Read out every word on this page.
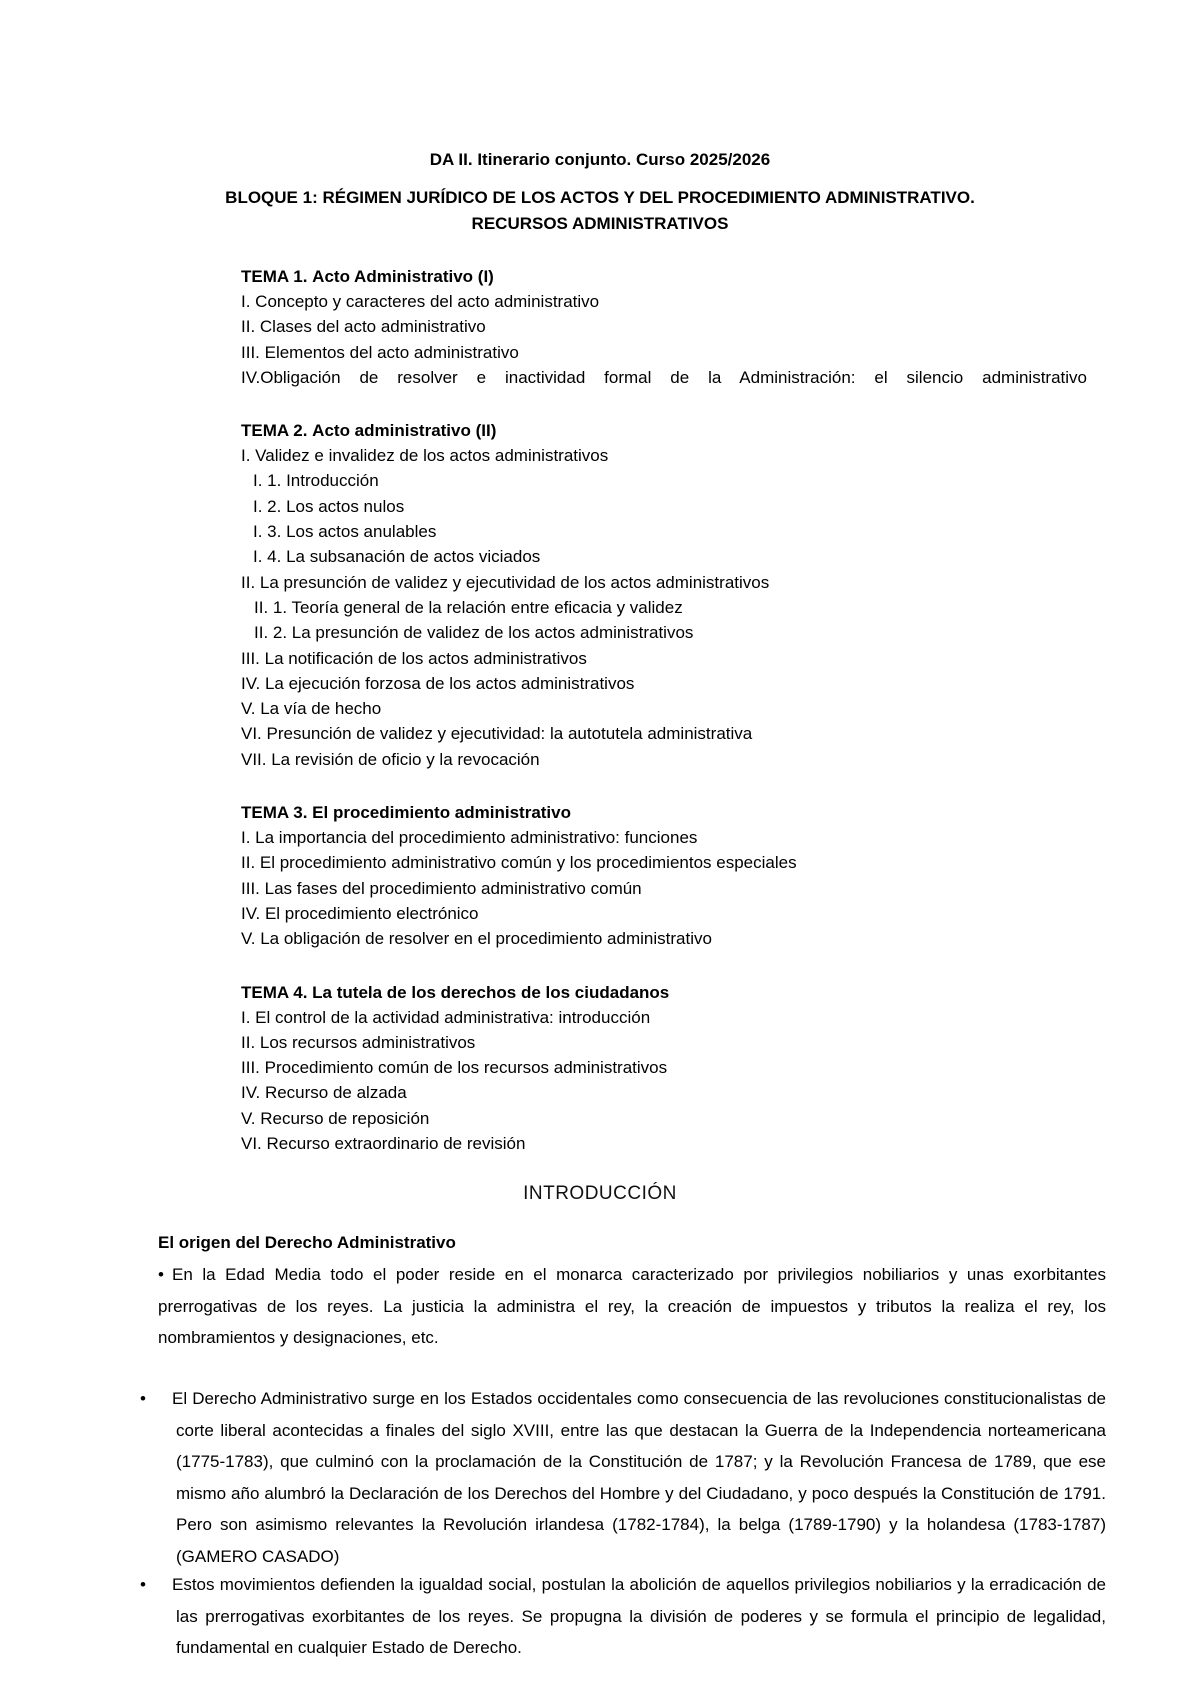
DA II. Itinerario conjunto. Curso 2025/2026
BLOQUE 1: RÉGIMEN JURÍDICO DE LOS ACTOS Y DEL PROCEDIMIENTO ADMINISTRATIVO.
RECURSOS ADMINISTRATIVOS
TEMA 1. Acto Administrativo (I)
I. Concepto y caracteres del acto administrativo
II. Clases del acto administrativo
III. Elementos del acto administrativo
IV.Obligación de resolver e inactividad formal de la Administración: el silencio administrativo
TEMA 2. Acto administrativo (II)
I. Validez e invalidez de los actos administrativos
I. 1. Introducción
I. 2. Los actos nulos
I. 3. Los actos anulables
I. 4. La subsanación de actos viciados
II. La presunción de validez y ejecutividad de los actos administrativos
II. 1. Teoría general de la relación entre eficacia y validez
II. 2. La presunción de validez de los actos administrativos
III. La notificación de los actos administrativos
IV. La ejecución forzosa de los actos administrativos
V. La vía de hecho
VI. Presunción de validez y ejecutividad: la autotutela administrativa
VII. La revisión de oficio y la revocación
TEMA 3. El procedimiento administrativo
I. La importancia del procedimiento administrativo: funciones
II. El procedimiento administrativo común y los procedimientos especiales
III. Las fases del procedimiento administrativo común
IV. El procedimiento electrónico
V. La obligación de resolver en el procedimiento administrativo
TEMA 4. La tutela de los derechos de los ciudadanos
I. El control de la actividad administrativa: introducción
II. Los recursos administrativos
III. Procedimiento común de los recursos administrativos
IV. Recurso de alzada
V. Recurso de reposición
VI. Recurso extraordinario de revisión
INTRODUCCIÓN
El origen del Derecho Administrativo
• En la Edad Media todo el poder reside en el monarca caracterizado por privilegios nobiliarios y unas exorbitantes prerrogativas de los reyes. La justicia la administra el rey, la creación de impuestos y tributos la realiza el rey, los nombramientos y designaciones, etc.
• El Derecho Administrativo surge en los Estados occidentales como consecuencia de las revoluciones constitucionalistas de corte liberal acontecidas a finales del siglo XVIII, entre las que destacan la Guerra de la Independencia norteamericana (1775-1783), que culminó con la proclamación de la Constitución de 1787; y la Revolución Francesa de 1789, que ese mismo año alumbró la Declaración de los Derechos del Hombre y del Ciudadano, y poco después la Constitución de 1791. Pero son asimismo relevantes la Revolución irlandesa (1782-1784), la belga (1789-1790) y la holandesa (1783-1787) (GAMERO CASADO)
• Estos movimientos defienden la igualdad social, postulan la abolición de aquellos privilegios nobiliarios y la erradicación de las prerrogativas exorbitantes de los reyes. Se propugna la división de poderes y se formula el principio de legalidad, fundamental en cualquier Estado de Derecho.
